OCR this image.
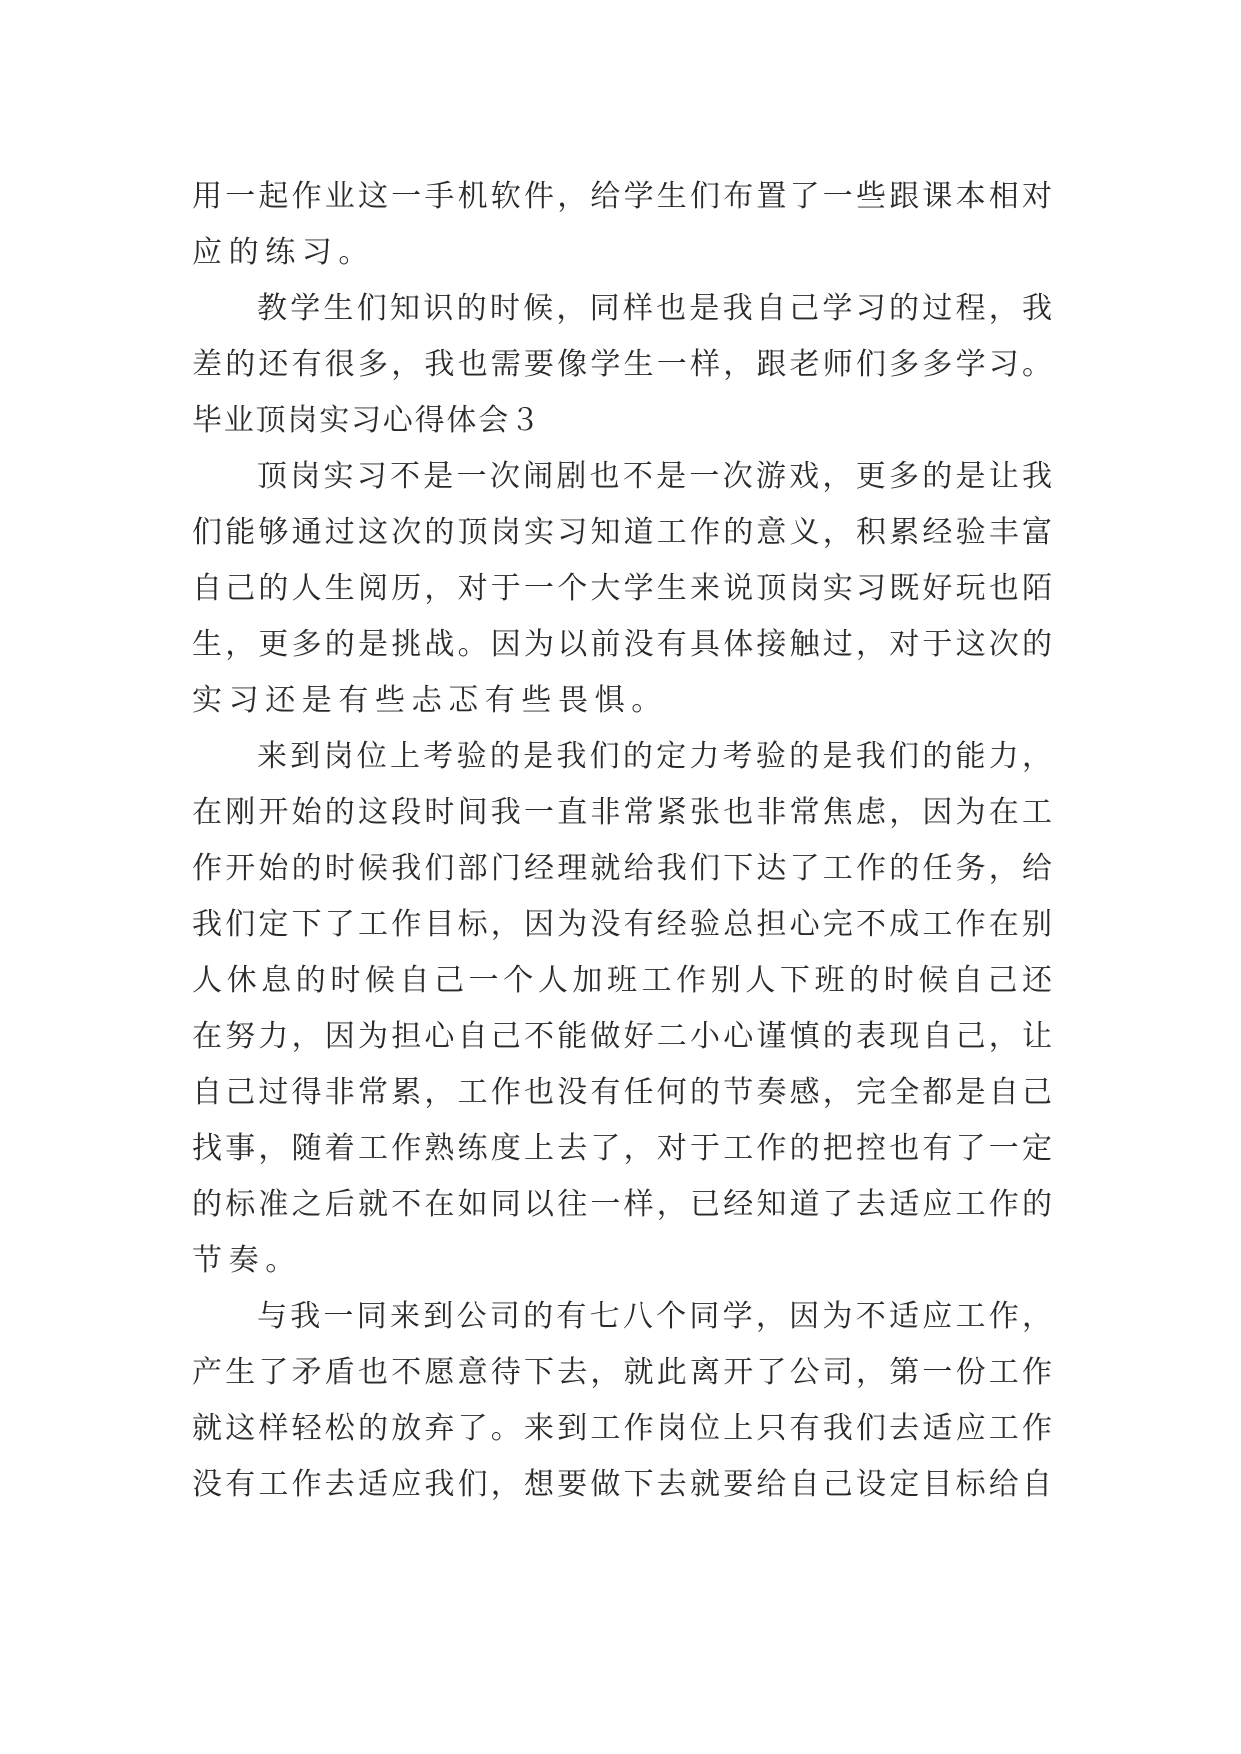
用一起作业这一手机软件，给学生们布置了一些跟课本相对
应的练习。
教学生们知识的时候，同样也是我自己学习的过程，我
差的还有很多，我也需要像学生一样，跟老师们多多学习。
毕业顶岗实习心得体会３
顶岗实习不是一次闹剧也不是一次游戏，更多的是让我
们能够通过这次的顶岗实习知道工作的意义，积累经验丰富
自己的人生阅历，对于一个大学生来说顶岗实习既好玩也陌
生，更多的是挑战。因为以前没有具体接触过，对于这次的
实习还是有些忐忑有些畏惧。
来到岗位上考验的是我们的定力考验的是我们的能力，
在刚开始的这段时间我一直非常紧张也非常焦虑，因为在工
作开始的时候我们部门经理就给我们下达了工作的任务，给
我们定下了工作目标，因为没有经验总担心完不成工作在别
人休息的时候自己一个人加班工作别人下班的时候自己还
在努力，因为担心自己不能做好二小心谨慎的表现自己，让
自己过得非常累，工作也没有任何的节奏感，完全都是自己
找事，随着工作熟练度上去了，对于工作的把控也有了一定
的标准之后就不在如同以往一样，已经知道了去适应工作的
节奏。
与我一同来到公司的有七八个同学，因为不适应工作，
产生了矛盾也不愿意待下去，就此离开了公司，第一份工作
就这样轻松的放弃了。来到工作岗位上只有我们去适应工作
没有工作去适应我们，想要做下去就要给自己设定目标给自
